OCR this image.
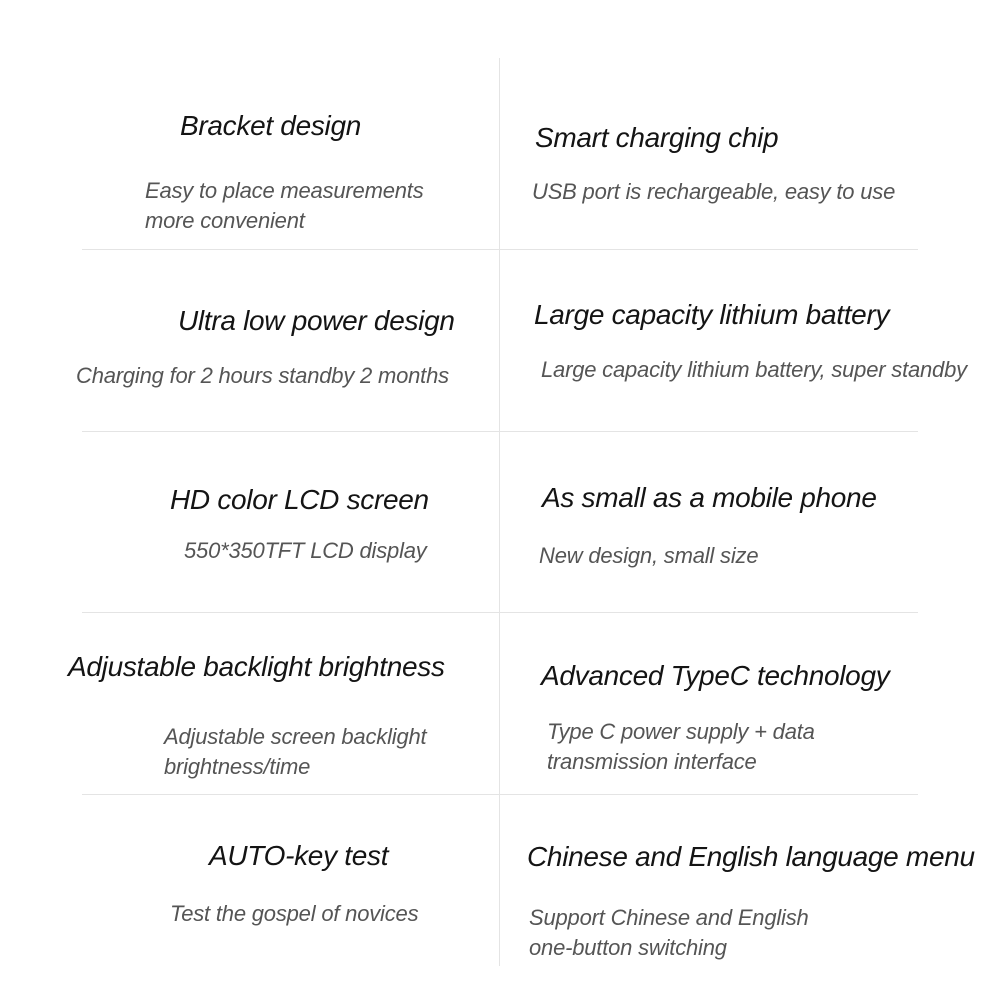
Bracket design

Easy to place measurements
more convenient

Smart charging chip

USB port is rechargeable, easy to use

Ultra low power design

Charging for 2 hours standby 2 months

Large capacity lithium battery

Large capacity lithium battery, super standby

HD color LCD screen

550*350TFT LCD display

As small as a mobile phone

New design, small size

Adjustable backlight brightness

Adjustable screen backlight
brightness/time

Advanced TypeC technology

Type C power supply + data
transmission interface

AUTO-key test

Test the gospel of novices

Chinese and English language menu

Support Chinese and English
one-button switching
